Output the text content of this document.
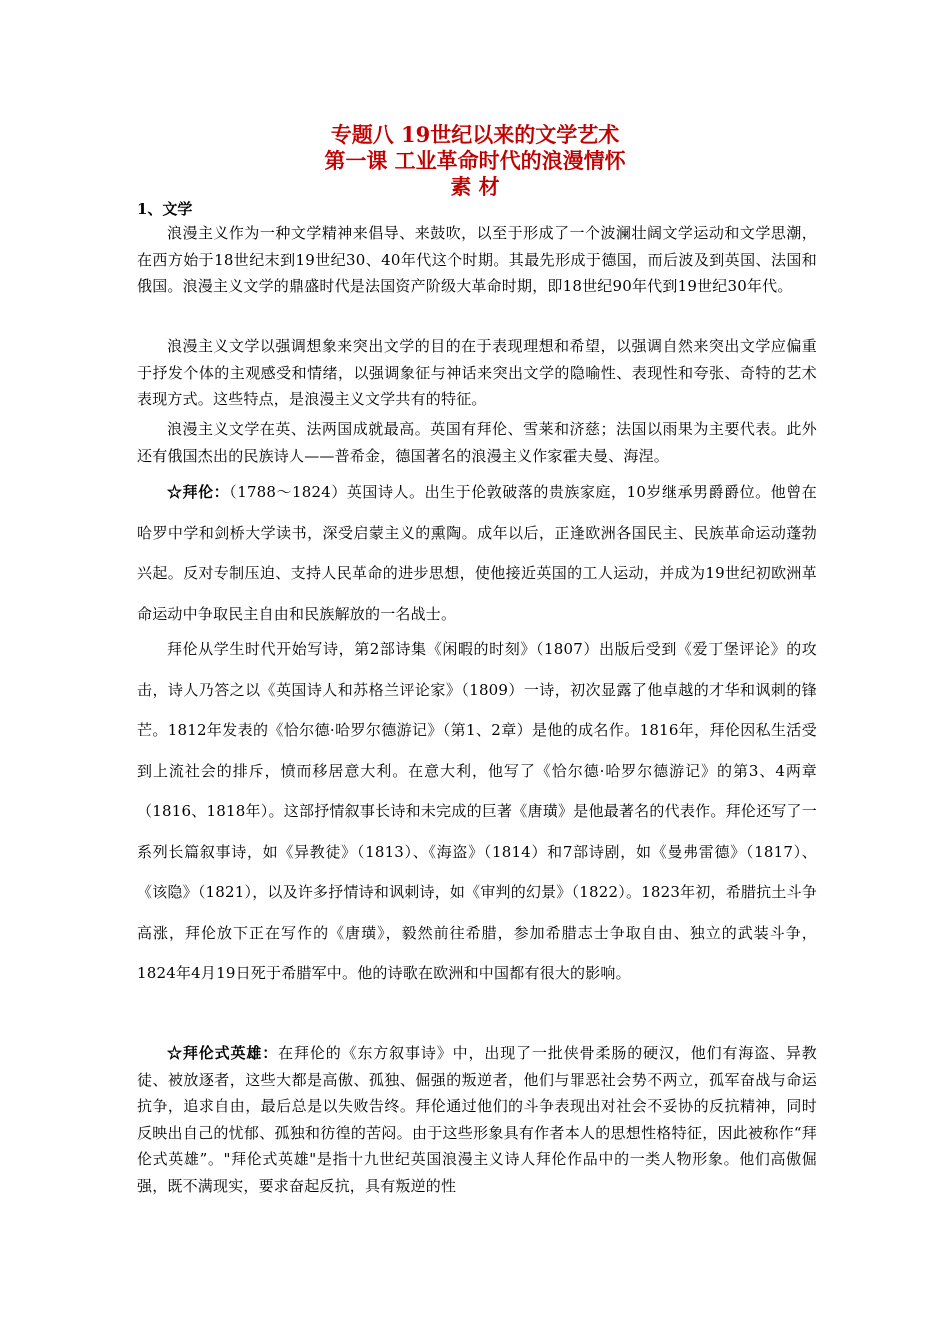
专题八 19世纪以来的文学艺术
第一课 工业革命时代的浪漫情怀
素 材
1、文学

浪漫主义作为一种文学精神来倡导、来鼓吹，以至于形成了一个波澜壮阔文学运动和文学思潮，在西方始于18世纪末到19世纪30、40年代这个时期。其最先形成于德国，而后波及到英国、法国和俄国。浪漫主义文学的鼎盛时代是法国资产阶级大革命时期，即18世纪90年代到19世纪30年代。

浪漫主义文学以强调想象来突出文学的目的在于表现理想和希望，以强调自然来突出文学应偏重于抒发个体的主观感受和情绪，以强调象征与神话来突出文学的隐喻性、表现性和夸张、奇特的艺术表现方式。这些特点，是浪漫主义文学共有的特征。

浪漫主义文学在英、法两国成就最高。英国有拜伦、雪莱和济慈；法国以雨果为主要代表。此外还有俄国杰出的民族诗人——普希金，德国著名的浪漫主义作家霍夫曼、海涅。

☆拜伦：（1788～1824）英国诗人。出生于伦敦破落的贵族家庭，10岁继承男爵爵位。他曾在哈罗中学和剑桥大学读书，深受启蒙主义的熏陶。成年以后，正逢欧洲各国民主、民族革命运动蓬勃兴起。反对专制压迫、支持人民革命的进步思想，使他接近英国的工人运动，并成为19世纪初欧洲革命运动中争取民主自由和民族解放的一名战士。

拜伦从学生时代开始写诗，第2部诗集《闲暇的时刻》（1807）出版后受到《爱丁堡评论》的攻击，诗人乃答之以《英国诗人和苏格兰评论家》（1809）一诗，初次显露了他卓越的才华和讽刺的锋芒。1812年发表的《恰尔德·哈罗尔德游记》（第1、2章）是他的成名作。1816年，拜伦因私生活受到上流社会的排斥，愤而移居意大利。在意大利，他写了《恰尔德·哈罗尔德游记》的第3、4两章（1816、1818年）。这部抒情叙事长诗和未完成的巨著《唐璜》是他最著名的代表作。拜伦还写了一系列长篇叙事诗，如《异教徒》（1813）、《海盗》（1814）和7部诗剧，如《曼弗雷德》（1817）、《该隐》（1821），以及许多抒情诗和讽刺诗，如《审判的幻景》（1822）。1823年初，希腊抗土斗争高涨，拜伦放下正在写作的《唐璜》，毅然前往希腊，参加希腊志士争取自由、独立的武装斗争，1824年4月19日死于希腊军中。他的诗歌在欧洲和中国都有很大的影响。

☆拜伦式英雄：在拜伦的《东方叙事诗》中，出现了一批侠骨柔肠的硬汉，他们有海盗、异教徒、被放逐者，这些大都是高傲、孤独、倔强的叛逆者，他们与罪恶社会势不两立，孤军奋战与命运抗争，追求自由，最后总是以失败告终。拜伦通过他们的斗争表现出对社会不妥协的反抗精神，同时反映出自己的忧郁、孤独和彷徨的苦闷。由于这些形象具有作者本人的思想性格特征，因此被称作“拜伦式英雄”。"拜伦式英雄"是指十九世纪英国浪漫主义诗人拜伦作品中的一类人物形象。他们高傲倔强，既不满现实，要求奋起反抗，具有叛逆的性
